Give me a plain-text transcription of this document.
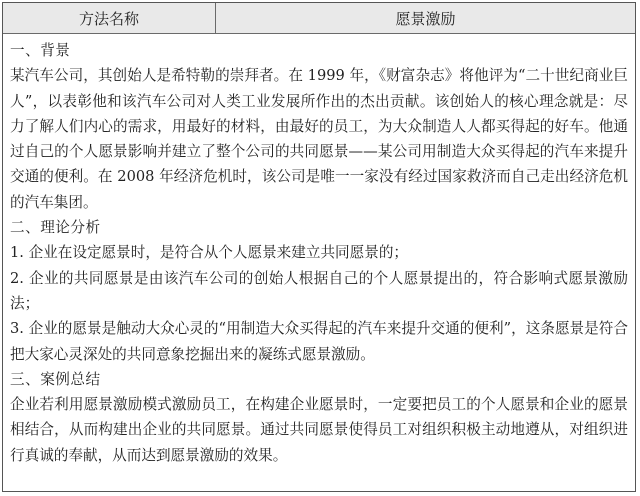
方法名称	愿景激励

一、背景

某汽车公司，其创始人是希特勒的崇拜者。在 1999 年，《财富杂志》将他评为“二十世纪商业巨人”，以表彰他和该汽车公司对人类工业发展所作出的杰出贡献。该创始人的核心理念就是：尽力了解人们内心的需求，用最好的材料，由最好的员工，为大众制造人人都买得起的好车。他通过自己的个人愿景影响并建立了整个公司的共同愿景——某公司用制造大众买得起的汽车来提升交通的便利。在 2008 年经济危机时，该公司是唯一一家没有经过国家救济而自己走出经济危机的汽车集团。

二、理论分析

1. 企业在设定愿景时，是符合从个人愿景来建立共同愿景的；

2. 企业的共同愿景是由该汽车公司的创始人根据自己的个人愿景提出的，符合影响式愿景激励法；

3. 企业的愿景是触动大众心灵的“用制造大众买得起的汽车来提升交通的便利”，这条愿景是符合把大家心灵深处的共同意象挖掘出来的凝练式愿景激励。

三、案例总结

企业若利用愿景激励模式激励员工，在构建企业愿景时，一定要把员工的个人愿景和企业的愿景相结合，从而构建出企业的共同愿景。通过共同愿景使得员工对组织积极主动地遵从，对组织进行真诚的奉献，从而达到愿景激励的效果。
